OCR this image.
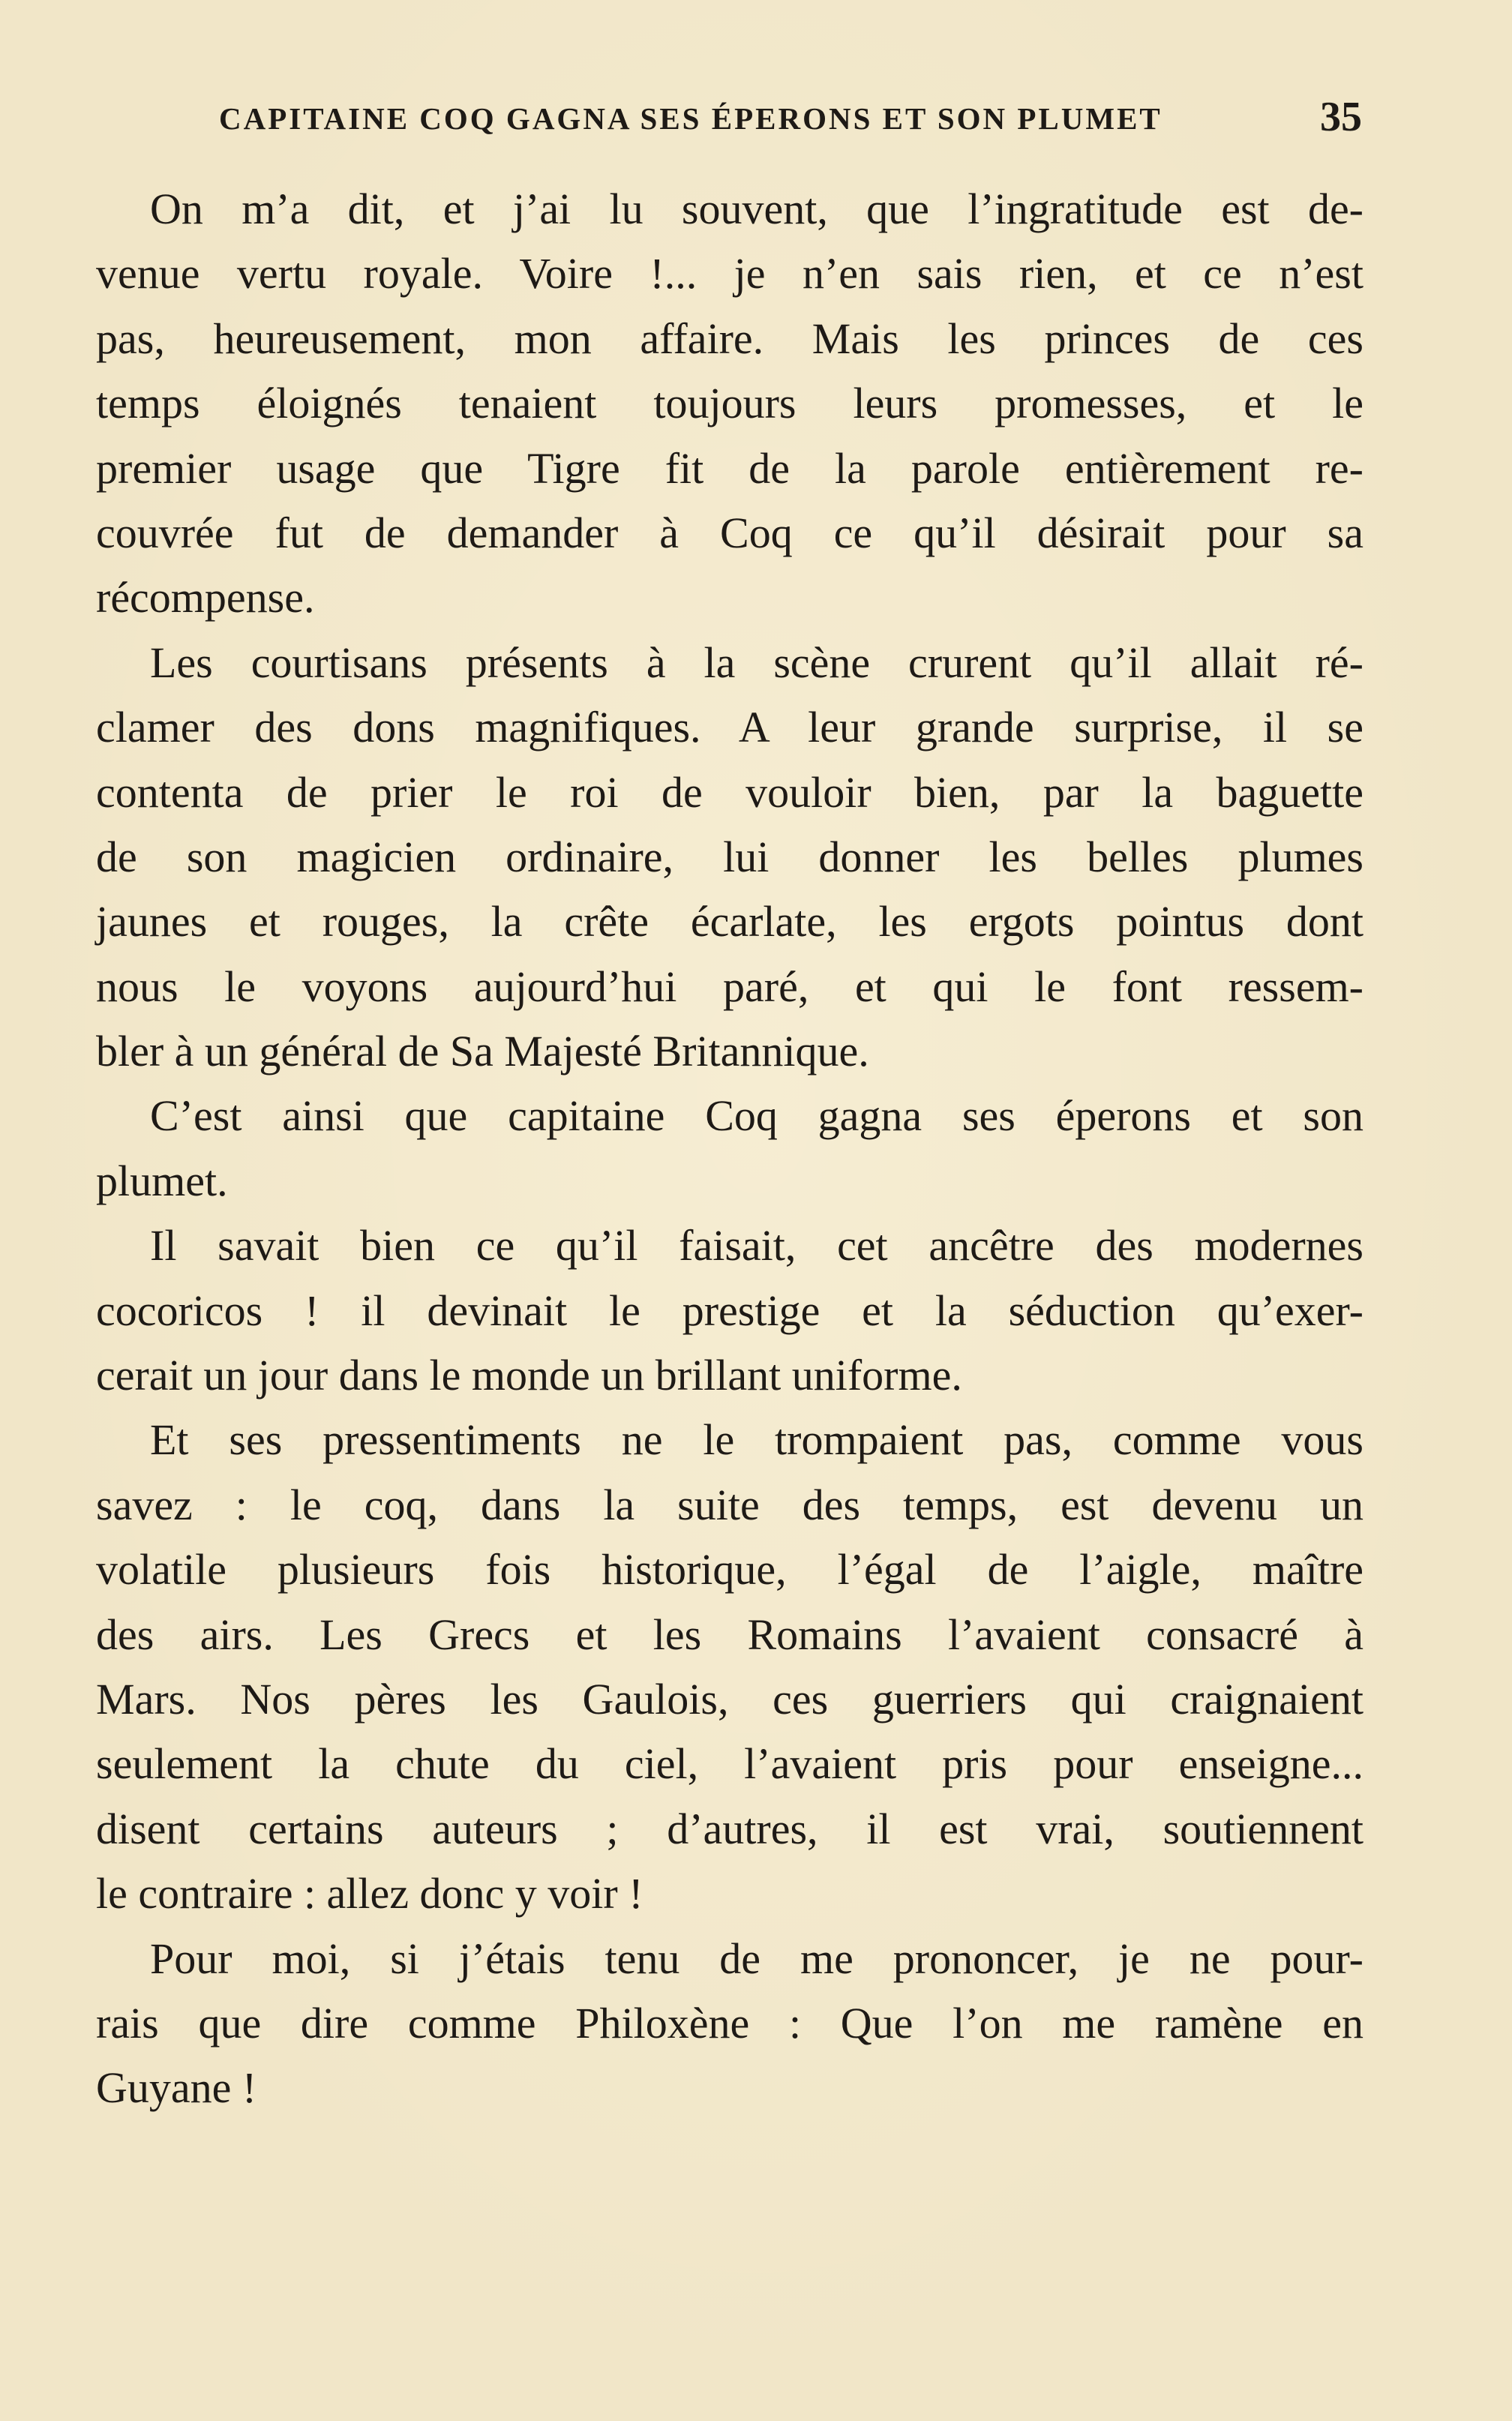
CAPITAINE COQ GAGNA SES ÉPERONS ET SON PLUMET	35
On m’a dit, et j’ai lu souvent, que l’ingratitude est de-
venue vertu royale. Voire !... je n’en sais rien, et ce n’est
pas, heureusement, mon affaire. Mais les princes de ces
temps éloignés tenaient toujours leurs promesses, et le
premier usage que Tigre fit de la parole entièrement re-
couvrée fut de demander à Coq ce qu’il désirait pour sa
récompense.
Les courtisans présents à la scène crurent qu’il allait ré-
clamer des dons magnifiques. A leur grande surprise, il se
contenta de prier le roi de vouloir bien, par la baguette
de son magicien ordinaire, lui donner les belles plumes
jaunes et rouges, la crête écarlate, les ergots pointus dont
nous le voyons aujourd’hui paré, et qui le font ressem-
bler à un général de Sa Majesté Britannique.
C’est ainsi que capitaine Coq gagna ses éperons et son
plumet.
Il savait bien ce qu’il faisait, cet ancêtre des modernes
cocoricos ! il devinait le prestige et la séduction qu’exer-
cerait un jour dans le monde un brillant uniforme.
Et ses pressentiments ne le trompaient pas, comme vous
savez : le coq, dans la suite des temps, est devenu un
volatile plusieurs fois historique, l’égal de l’aigle, maître
des airs. Les Grecs et les Romains l’avaient consacré à
Mars. Nos pères les Gaulois, ces guerriers qui craignaient
seulement la chute du ciel, l’avaient pris pour enseigne...
disent certains auteurs ; d’autres, il est vrai, soutiennent
le contraire : allez donc y voir !
Pour moi, si j’étais tenu de me prononcer, je ne pour-
rais que dire comme Philoxène : Que l’on me ramène en
Guyane !
